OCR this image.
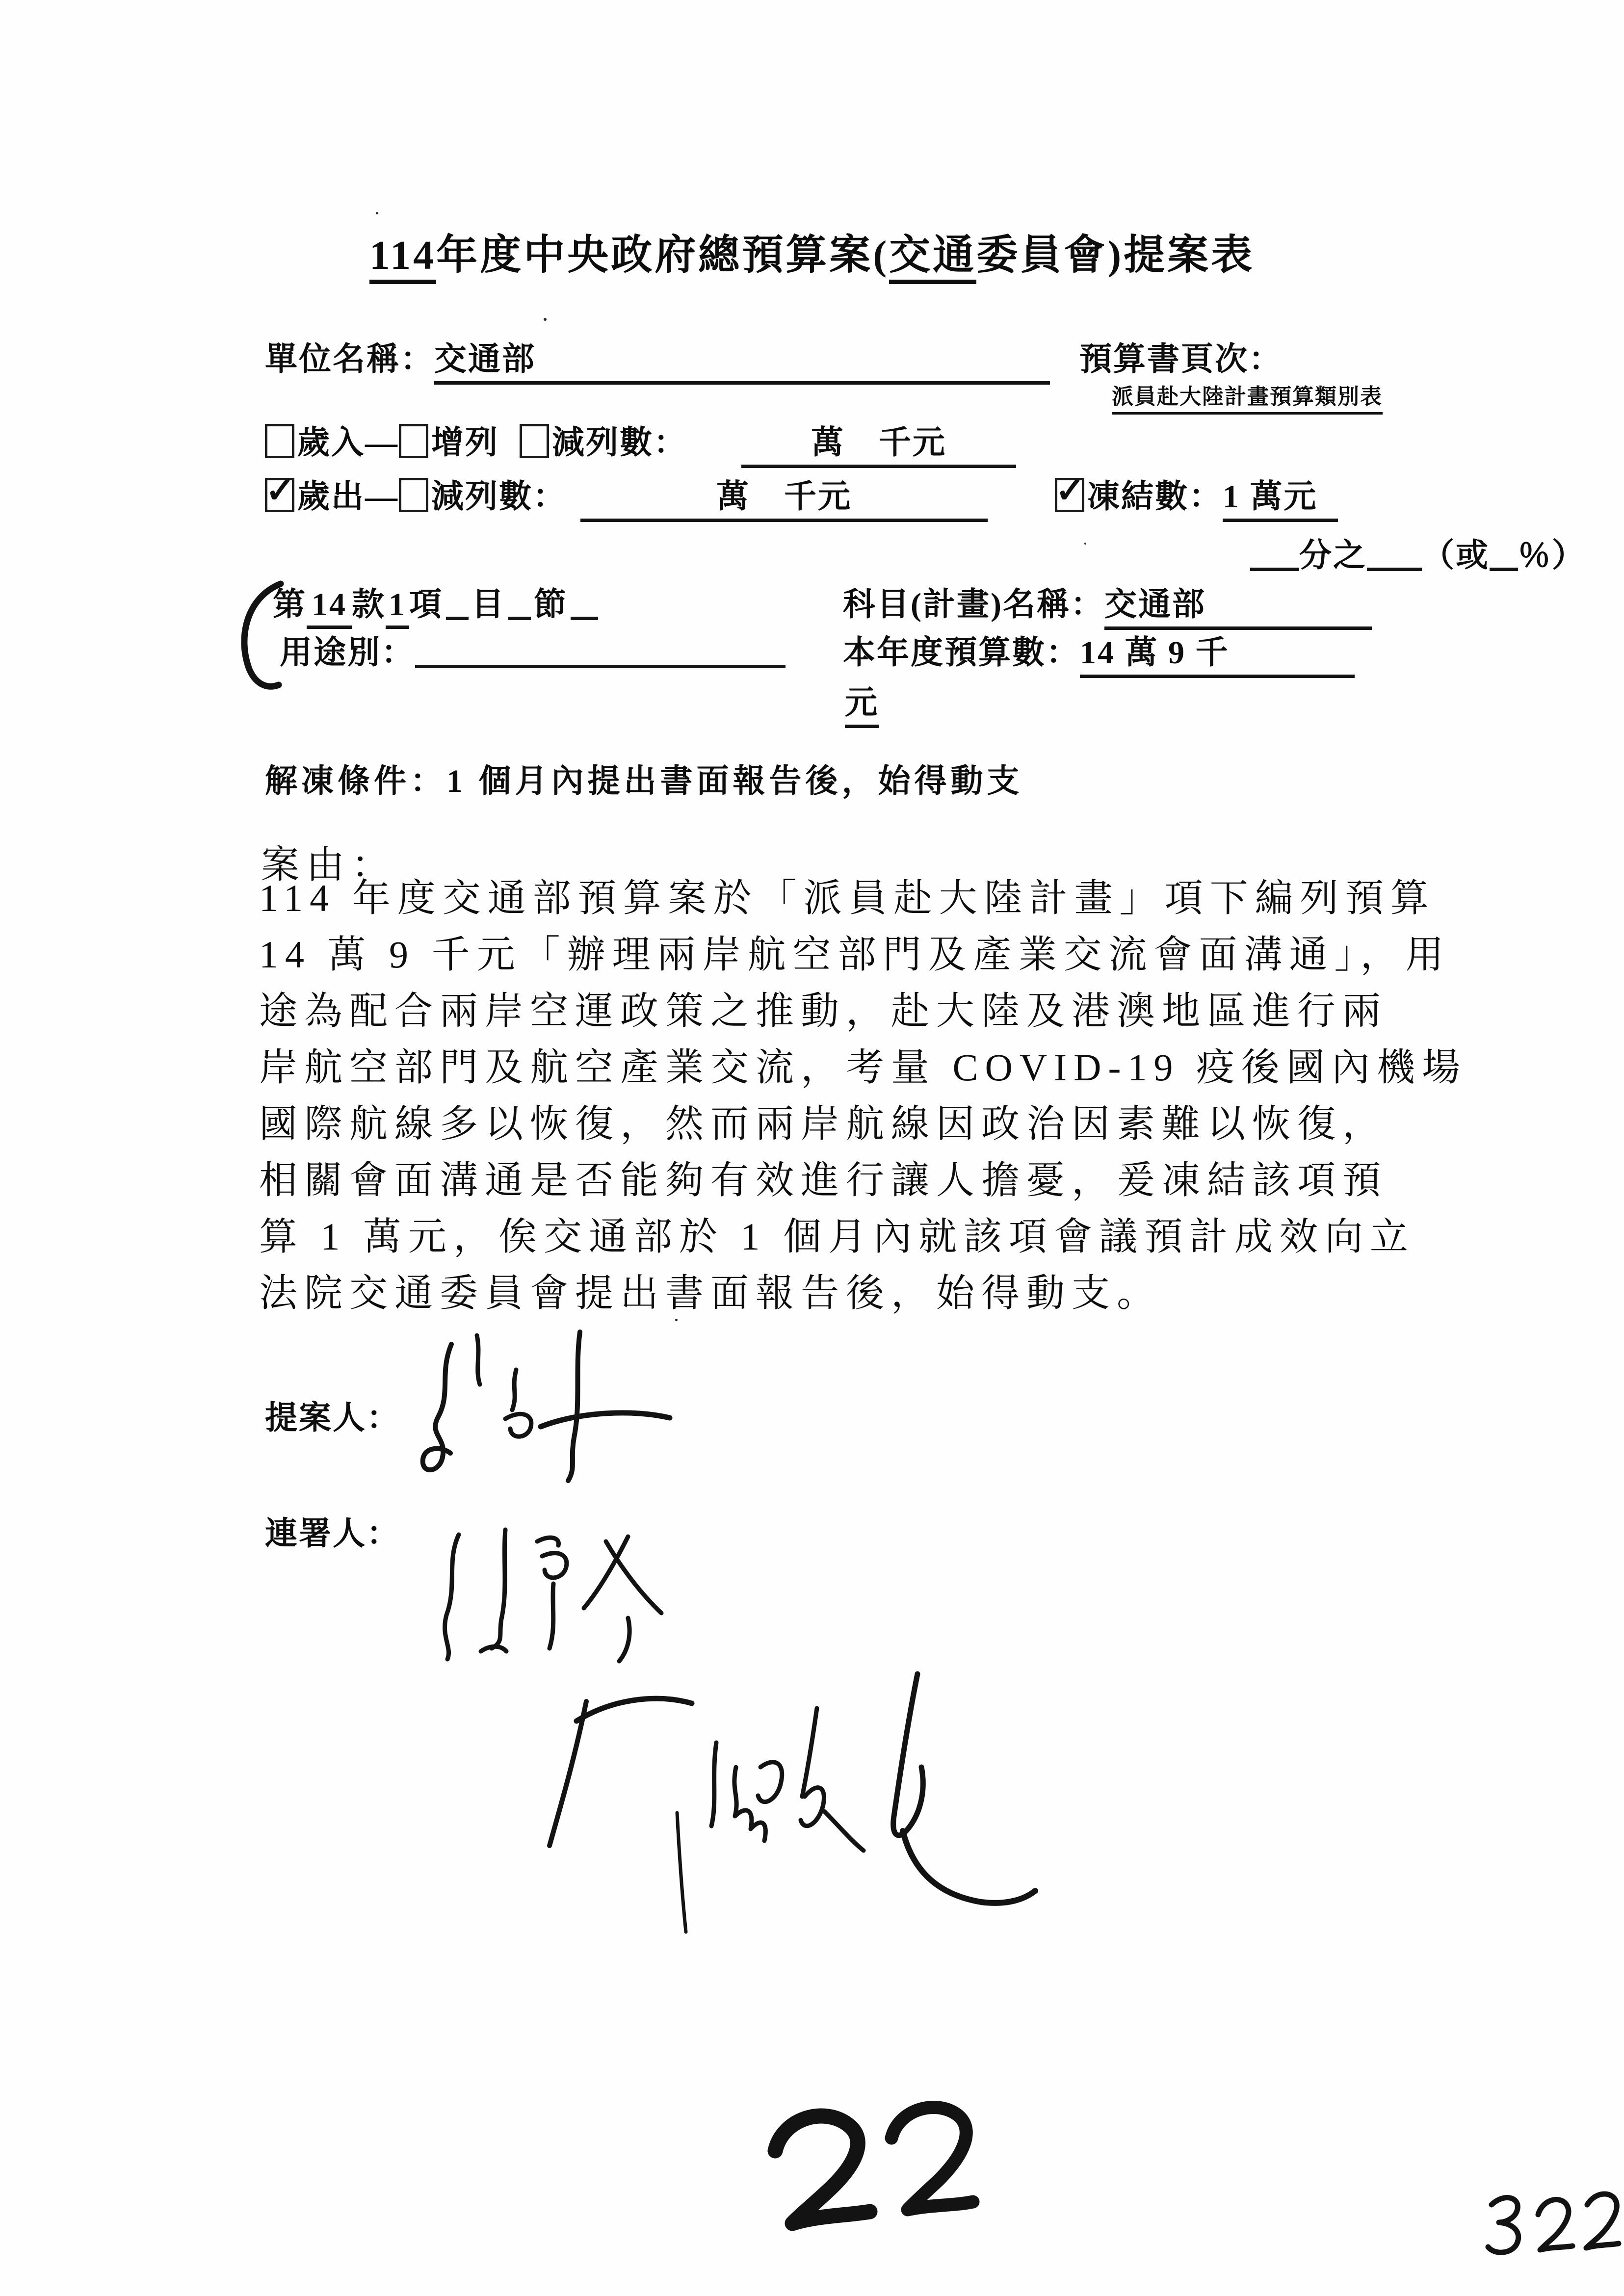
114年度中央政府總預算案(交通委員會)提案表
單位名稱：交通部	預算書頁次：
派員赴大陸計畫預算類別表
歲入— 增列 減列數：	萬　千元
✓ 歲出— 減列數：	萬　千元	✓ 凍結數：1 萬元
分之 （或 ％）
第 14 款1項 目 節	科目(計畫)名稱：交通部
用途別：	本年度預算數：14 萬 9 千
元
解凍條件：1 個月內提出書面報告後，始得動支
案由：
114 年度交通部預算案於「派員赴大陸計畫」項下編列預算
14 萬 9 千元「辦理兩岸航空部門及產業交流會面溝通」，用
途為配合兩岸空運政策之推動，赴大陸及港澳地區進行兩
岸航空部門及航空產業交流，考量 COVID-19 疫後國內機場
國際航線多以恢復，然而兩岸航線因政治因素難以恢復，
相關會面溝通是否能夠有效進行讓人擔憂，爰凍結該項預
算 1 萬元，俟交通部於 1 個月內就該項會議預計成效向立
法院交通委員會提出書面報告後，始得動支。
提案人：
連署人：
